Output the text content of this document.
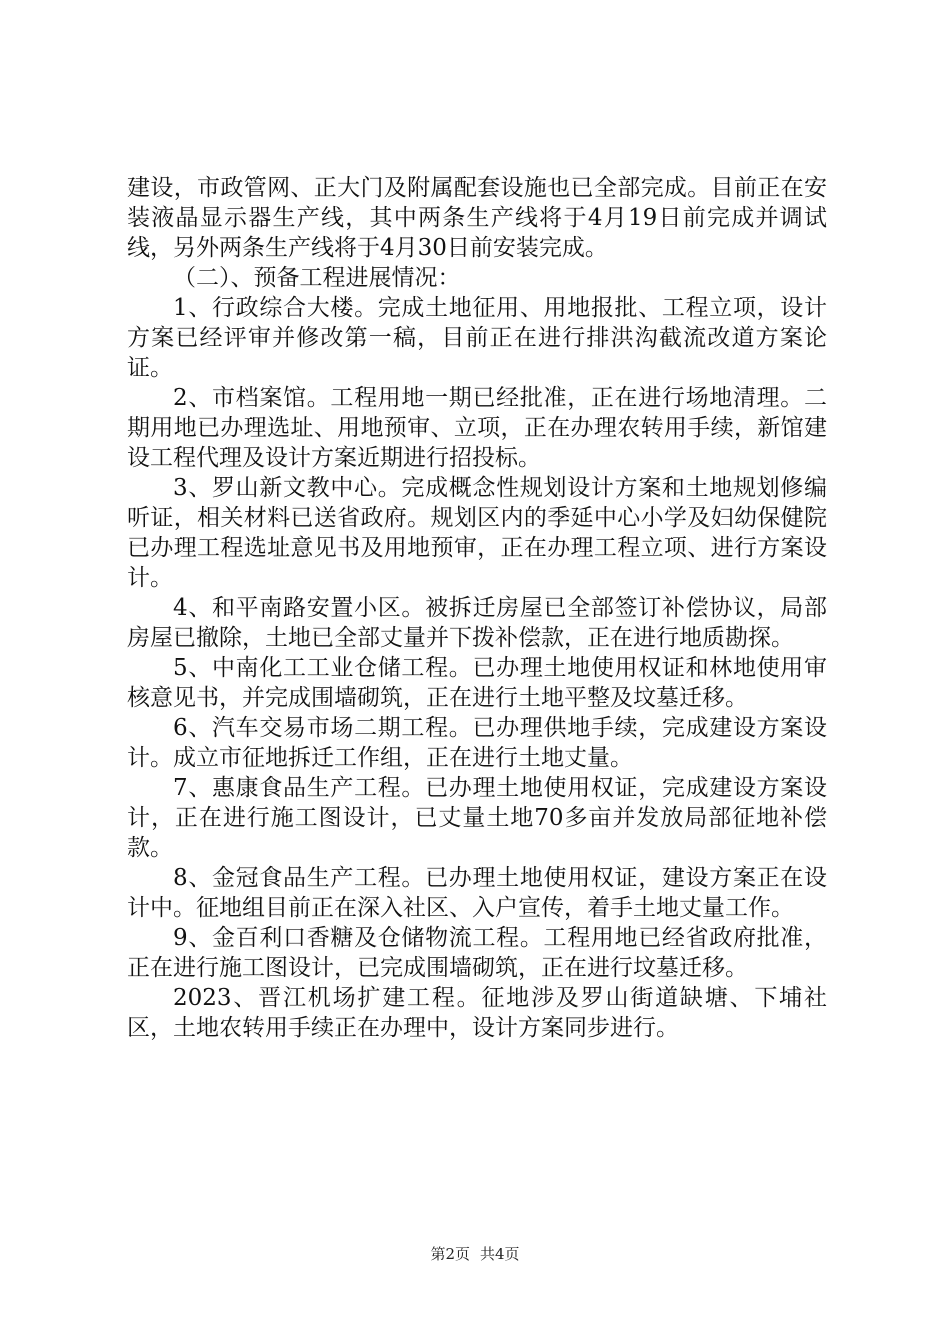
建设，市政管网、正大门及附属配套设施也已全部完成。目前正在安装液晶显示器生产线，其中两条生产线将于4月19日前完成并调试线，另外两条生产线将于4月30日前安装完成。

（二）、预备工程进展情况：

1、行政综合大楼。完成土地征用、用地报批、工程立项，设计方案已经评审并修改第一稿，目前正在进行排洪沟截流改道方案论证。

2、市档案馆。工程用地一期已经批准，正在进行场地清理。二期用地已办理选址、用地预审、立项，正在办理农转用手续，新馆建设工程代理及设计方案近期进行招投标。

3、罗山新文教中心。完成概念性规划设计方案和土地规划修编听证，相关材料已送省政府。规划区内的季延中心小学及妇幼保健院已办理工程选址意见书及用地预审，正在办理工程立项、进行方案设计。

4、和平南路安置小区。被拆迁房屋已全部签订补偿协议，局部房屋已撤除，土地已全部丈量并下拨补偿款，正在进行地质勘探。

5、中南化工工业仓储工程。已办理土地使用权证和林地使用审核意见书，并完成围墙砌筑，正在进行土地平整及坟墓迁移。

6、汽车交易市场二期工程。已办理供地手续，完成建设方案设计。成立市征地拆迁工作组，正在进行土地丈量。

7、惠康食品生产工程。已办理土地使用权证，完成建设方案设计，正在进行施工图设计，已丈量土地70多亩并发放局部征地补偿款。

8、金冠食品生产工程。已办理土地使用权证，建设方案正在设计中。征地组目前正在深入社区、入户宣传，着手土地丈量工作。

9、金百利口香糖及仓储物流工程。工程用地已经省政府批准，正在进行施工图设计，已完成围墙砌筑，正在进行坟墓迁移。

2023、晋江机场扩建工程。征地涉及罗山街道缺塘、下埔社区，土地农转用手续正在办理中，设计方案同步进行。

第2页 共4页
